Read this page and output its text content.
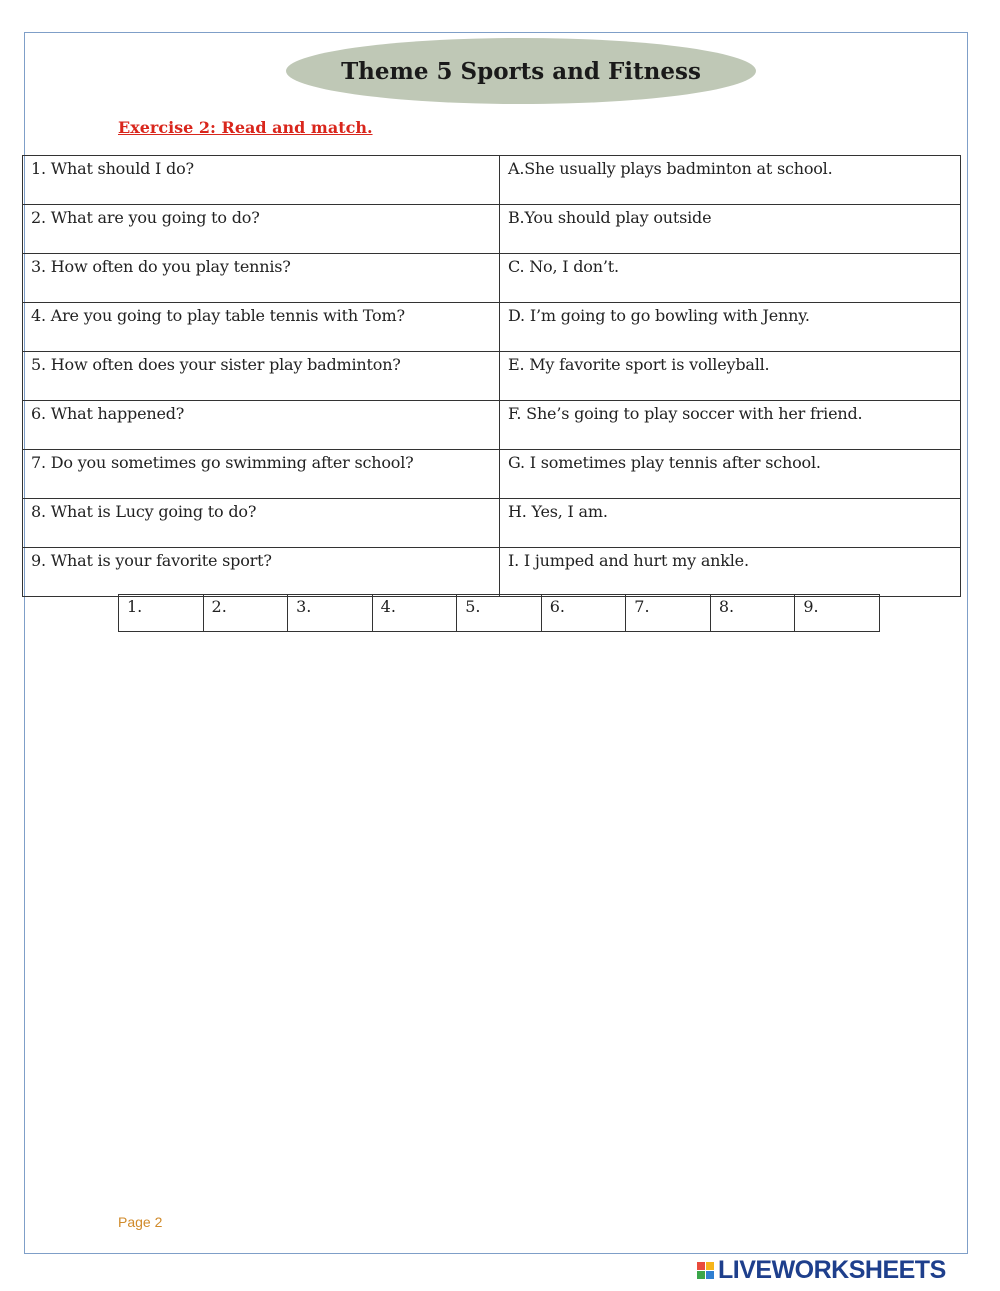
Theme 5 Sports and Fitness
Exercise 2: Read and match.
1. What should I do?	A.She usually plays badminton at school.
2. What are you going to do?	B.You should play outside
3. How often do you play tennis?	C. No, I don’t.
4. Are you going to play table tennis with Tom?	D. I’m going to go bowling with Jenny.
5. How often does your sister play badminton?	E. My favorite sport is volleyball.
6. What happened?	F. She’s going to play soccer with her friend.
7. Do you sometimes go swimming after school?	G. I sometimes play tennis after school.
8. What is Lucy going to do?	H. Yes, I am.
9. What is your favorite sport?	I. I jumped and hurt my ankle.
1.	2.	3.	4.	5.	6.	7.	8.	9.
Page 2
LIVEWORKSHEETS
